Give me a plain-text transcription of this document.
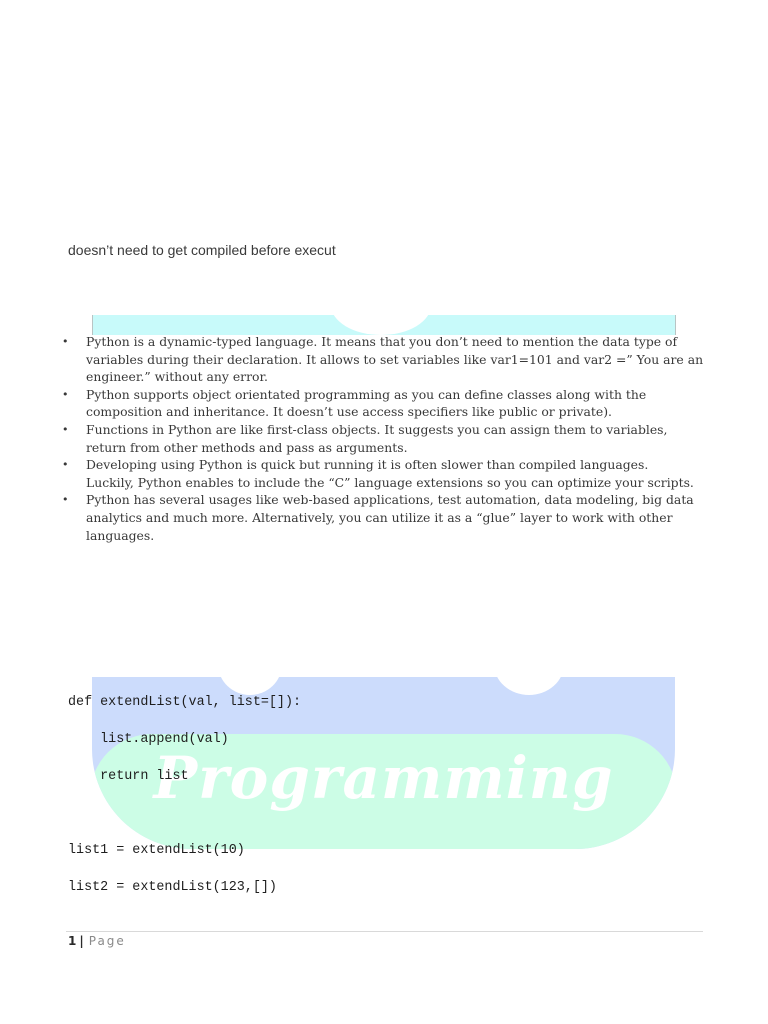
doesn’t need to get compiled before execut
• Python is a dynamic-typed language. It means that you don’t need to mention the data type of
variables during their declaration. It allows to set variables like var1=101 and var2 =” You are an
engineer.” without any error.
• Python supports object orientated programming as you can define classes along with the
composition and inheritance. It doesn’t use access specifiers like public or private).
• Functions in Python are like first-class objects. It suggests you can assign them to variables,
return from other methods and pass as arguments.
• Developing using Python is quick but running it is often slower than compiled languages.
Luckily, Python enables to include the “C” language extensions so you can optimize your scripts.
• Python has several usages like web-based applications, test automation, data modeling, big data
analytics and much more. Alternatively, you can utilize it as a “glue” layer to work with other
languages.
Programming
def extendList(val, list=[]):
list.append(val)
return list
list1 = extendList(10)
list2 = extendList(123,[])
1 | Page
